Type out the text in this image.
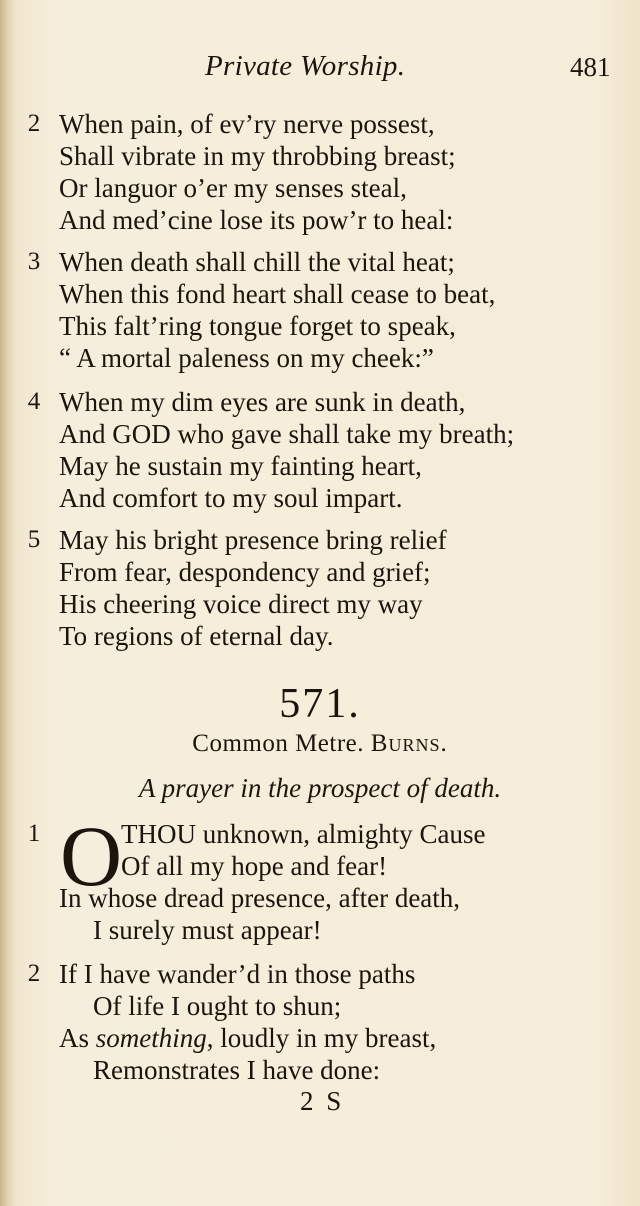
Private Worship.	481
2 When pain, of ev’ry nerve possest,
Shall vibrate in my throbbing breast;
Or languor o’er my senses steal,
And med’cine lose its pow’r to heal:
3 When death shall chill the vital heat;
When this fond heart shall cease to beat,
This falt’ring tongue forget to speak,
“ A mortal paleness on my cheek:”
4 When my dim eyes are sunk in death,
And GOD who gave shall take my breath;
May he sustain my fainting heart,
And comfort to my soul impart.
5 May his bright presence bring relief
From fear, despondency and grief;
His cheering voice direct my way
To regions of eternal day.
571.
Common Metre. Burns.
A prayer in the prospect of death.
O
1	THOU unknown, almighty Cause
Of all my hope and fear!
In whose dread presence, after death,
I surely must appear!
2 If I have wander’d in those paths
Of life I ought to shun;
As something, loudly in my breast,
Remonstrates I have done:
2 S
